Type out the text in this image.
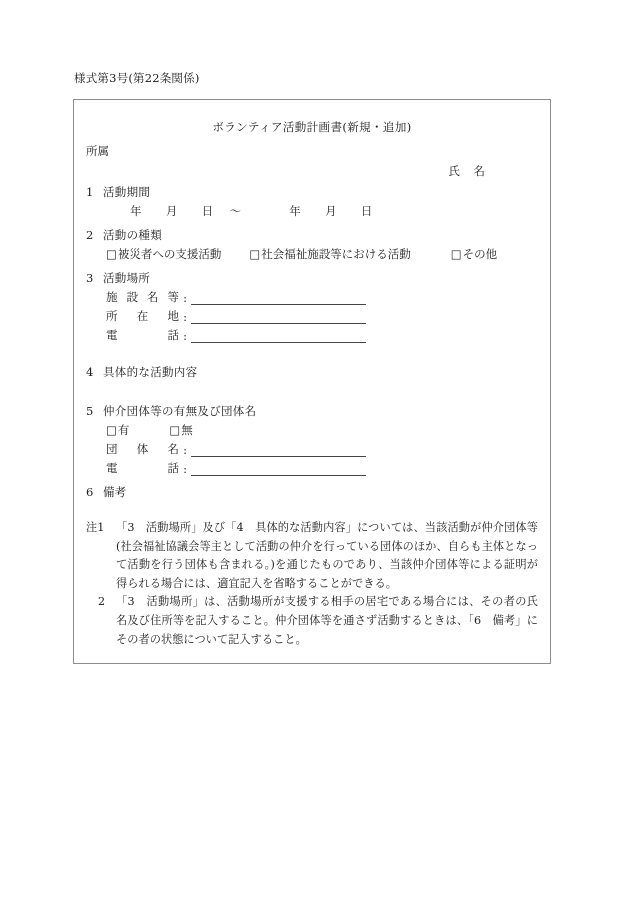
様式第3号(第22条関係)
ボランティア活動計画書(新規・追加)
所属
氏　名
1 活動期間
年 月 日 ～	年 月 日
2 活動の種類
□被災者への支援活動 □社会福祉施設等における活動	□その他
3 活動場所
施設名等 :
所在地 :
電話 :
4 具体的な活動内容
5 仲介団体等の有無及び団体名
□有	□無
団体名 :
電話 :
6 備考
注1	「3　活動場所」及び「4　具体的な活動内容」については、当該活動が仲介団体等(社会福祉協議会等主として活動の仲介を行っている団体のほか、自らも主体となって活動を行う団体も含まれる。)を通じたものであり、当該仲介団体等による証明が得られる場合には、適宜記入を省略することができる。
2 「3　活動場所」は、活動場所が支援する相手の居宅である場合には、その者の氏名及び住所等を記入すること。仲介団体等を通さず活動するときは、「6　備考」にその者の状態について記入すること。
